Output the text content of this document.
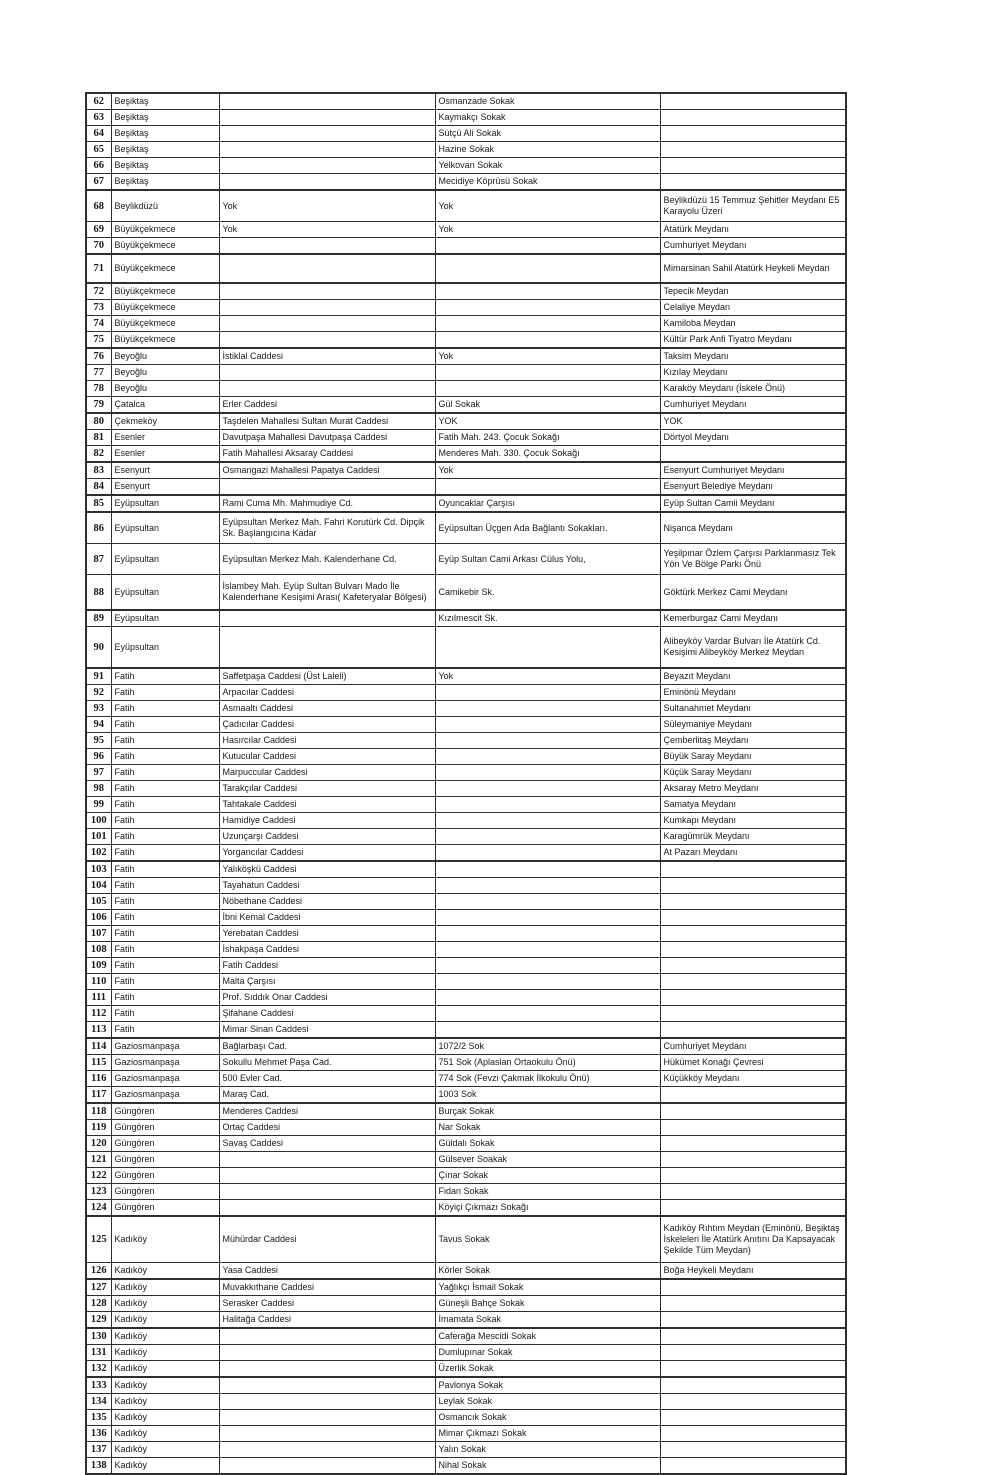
62	Beşiktaş		Osmanzade Sokak	
63	Beşiktaş		Kaymakçı Sokak	
64	Beşiktaş		Sütçü Ali Sokak	
65	Beşiktaş		Hazine Sokak	
66	Beşiktaş		Yelkovan Sokak	
67	Beşiktaş		Mecidiye Köprüsü Sokak	
68	Beylikdüzü	Yok	Yok	Beylikdüzü 15 Temmuz Şehitler Meydanı E5 Karayolu Üzeri
69	Büyükçekmece	Yok	Yok	Atatürk Meydanı
70	Büyükçekmece			Cumhuriyet Meydanı
71	Büyükçekmece			Mimarsinan Sahil Atatürk Heykeli Meydan
72	Büyükçekmece			Tepecik Meydan
73	Büyükçekmece			Celaliye Meydan
74	Büyükçekmece			Kamiloba Meydan
75	Büyükçekmece			Kültür Park Anfi Tiyatro Meydanı
76	Beyoğlu	İstiklal Caddesi	Yok	Taksim Meydanı
77	Beyoğlu			Kızılay Meydanı
78	Beyoğlu			Karaköy Meydanı (İskele Önü)
79	Çatalca	Erler Caddesi	Gül Sokak	Cumhuriyet Meydanı
80	Çekmeköy	Taşdelen Mahallesi Sultan Murat Caddesi	YOK	YOK
81	Esenler	Davutpaşa Mahallesi Davutpaşa Caddesi	Fatih Mah. 243. Çocuk Sokağı	Dörtyol Meydanı
82	Esenler	Fatih Mahallesi Aksaray Caddesi	Menderes Mah. 330. Çocuk Sokağı	
83	Esenyurt	Osmangazi Mahallesi Papatya Caddesi	Yok	Esenyurt Cumhuriyet Meydanı
84	Esenyurt			Esenyurt Belediye Meydanı
85	Eyüpsultan	Rami Cuma Mh. Mahmudiye Cd.	Oyuncaklar Çarşısı	Eyüp Sultan Camii Meydanı
86	Eyüpsultan	Eyüpsultan Merkez Mah. Fahri Korutürk Cd. Dipçik Sk. Başlangıcına Kadar	Eyüpsultan Üçgen Ada Bağlantı Sokakları.	Nişanca Meydanı
87	Eyüpsultan	Eyüpsultan Merkez Mah. Kalenderhane Cd.	Eyüp Sultan Cami Arkası Cülus Yolu,	Yeşilpınar Özlem Çarşısı Parklanmasız Tek Yön Ve Bölge Parkı Önü
88	Eyüpsultan	İslambey Mah. Eyüp Sultan Bulvarı Mado İle Kalenderhane Kesişimi Arası( Kafeteryalar Bölgesi)	Camikebir Sk.	Göktürk Merkez Cami Meydanı
89	Eyüpsultan		Kızılmescit Sk.	Kemerburgaz Cami Meydanı
90	Eyüpsultan			Alibeyköy Vardar Bulvarı İle Atatürk Cd. Kesişimi Alibeyköy Merkez Meydan
91	Fatih	Saffetpaşa Caddesi (Üst Laleli)	Yok	Beyazıt Meydanı
92	Fatih	Arpacılar Caddesi		Eminönü Meydanı
93	Fatih	Asmaaltı Caddesi		Sultanahmet Meydanı
94	Fatih	Çadıcılar Caddesi		Süleymaniye Meydanı
95	Fatih	Hasırcılar Caddesi		Çemberlitaş Meydanı
96	Fatih	Kutucular Caddesi		Büyük Saray Meydanı
97	Fatih	Marpuccular Caddesi		Küçük Saray Meydanı
98	Fatih	Tarakçılar Caddesi		Aksaray Metro Meydanı
99	Fatih	Tahtakale Caddesi		Samatya Meydanı
100	Fatih	Hamidiye Caddesi		Kumkapı Meydanı
101	Fatih	Uzunçarşı Caddesi		Karagümrük Meydanı
102	Fatih	Yorgancılar Caddesi		At Pazarı Meydanı
103	Fatih	Yalıköşkü Caddesi		
104	Fatih	Tayahatun Caddesi		
105	Fatih	Nöbethane Caddesi		
106	Fatih	İbni Kemal Caddesi		
107	Fatih	Yerebatan Caddesi		
108	Fatih	İshakpaşa Caddesi		
109	Fatih	Fatih Caddesi		
110	Fatih	Malta Çarşısı		
111	Fatih	Prof. Sıddık Onar Caddesi		
112	Fatih	Şifahane Caddesi		
113	Fatih	Mimar Sinan Caddesi		
114	Gaziosmanpaşa	Bağlarbaşı Cad.	1072/2 Sok	Cumhuriyet Meydanı
115	Gaziosmanpaşa	Sokullu Mehmet Paşa Cad.	751 Sok (Aplaslan Ortaokulu Önü)	Hükümet Konağı Çevresi
116	Gaziosmanpaşa	500 Evler Cad.	774 Sok (Fevzi Çakmak İlkokulu Önü)	Küçükköy Meydanı
117	Gaziosmanpaşa	Maraş Cad.	1003 Sok	
118	Güngören	Menderes Caddesi	Burçak Sokak	
119	Güngören	Ortaç Caddesi	Nar Sokak	
120	Güngören	Savaş Caddesi	Güldalı Sokak	
121	Güngören		Gülsever Soakak	
122	Güngören		Çınar Sokak	
123	Güngören		Fidan Sokak	
124	Güngören		Köyiçi Çıkmazı Sokağı	
125	Kadıköy	Mühürdar Caddesi	Tavus Sokak	Kadıköy Rıhtım Meydan (Eminönü, Beşiktaş İskeleleri İle Atatürk Anıtını Da Kapsayacak Şekilde Tüm Meydan)
126	Kadıköy	Yasa Caddesi	Körler Sokak	Boğa Heykeli Meydanı
127	Kadıköy	Muvakkıthane Caddesi	Yağlıkçı İsmail Sokak	
128	Kadıköy	Serasker Caddesi	Güneşli Bahçe Sokak	
129	Kadıköy	Halitağa Caddesi	İmamata Sokak	
130	Kadıköy		Caferağa Mescidi Sokak	
131	Kadıköy		Dumlupınar Sokak	
132	Kadıköy		Üzerlik Sokak	
133	Kadıköy		Pavlonya Sokak	
134	Kadıköy		Leylak Sokak	
135	Kadıköy		Osmancık Sokak	
136	Kadıköy		Mimar Çıkmazı Sokak	
137	Kadıköy		Yalın Sokak	
138	Kadıköy		Nihal Sokak	
